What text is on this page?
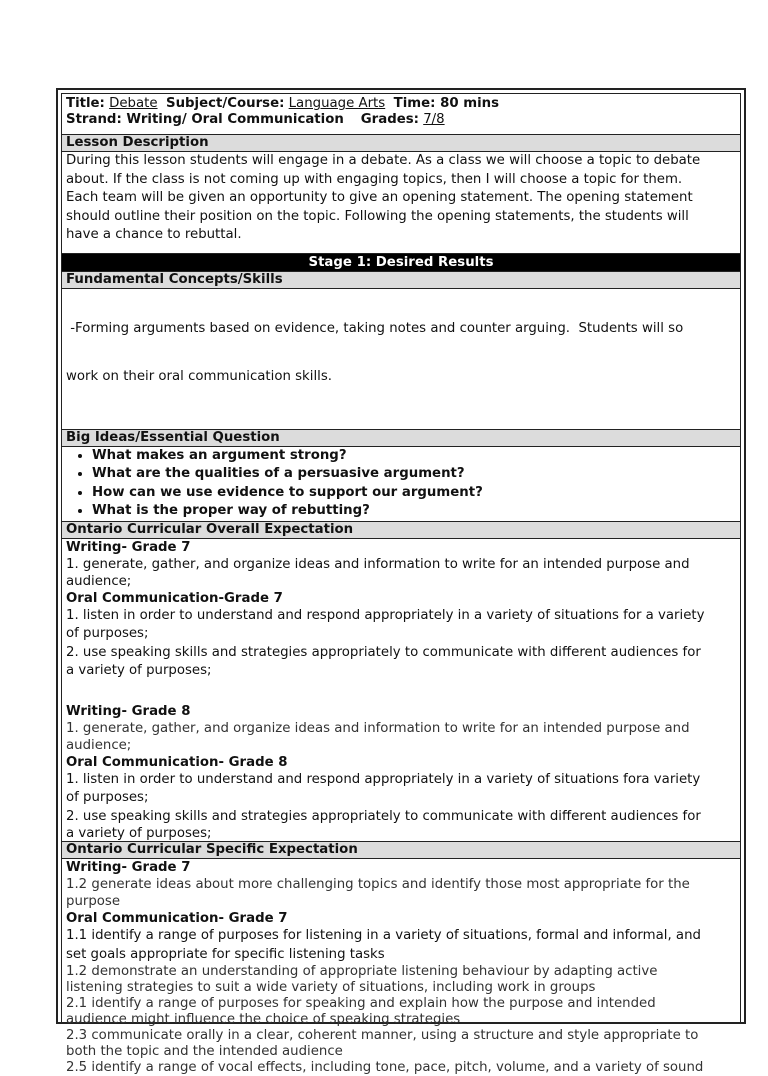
Title: Debate Subject/Course: Language Arts Time: 80 mins
Strand: Writing/ Oral Communication Grades: 7/8
Lesson Description
During this lesson students will engage in a debate. As a class we will choose a topic to debate
about. If the class is not coming up with engaging topics, then I will choose a topic for them.
Each team will be given an opportunity to give an opening statement. The opening statement
should outline their position on the topic. Following the opening statements, the students will
have a chance to rebuttal.
Stage 1: Desired Results
Fundamental Concepts/Skills

-Forming arguments based on evidence, taking notes and counter arguing.  Students will so

work on their oral communication skills.

Big Ideas/Essential Question
• What makes an argument strong?
• What are the qualities of a persuasive argument?
• How can we use evidence to support our argument?
• What is the proper way of rebutting?
Ontario Curricular Overall Expectation
Writing- Grade 7
1. generate, gather, and organize ideas and information to write for an intended purpose and
audience;
Oral Communication-Grade 7
1. listen in order to understand and respond appropriately in a variety of situations for a variety
of purposes;
2. use speaking skills and strategies appropriately to communicate with different audiences for
a variety of purposes;
Writing- Grade 8
1. generate, gather, and organize ideas and information to write for an intended purpose and
audience;
Oral Communication- Grade 8
1. listen in order to understand and respond appropriately in a variety of situations fora variety
of purposes;
2. use speaking skills and strategies appropriately to communicate with different audiences for
a variety of purposes;
Ontario Curricular Specific Expectation
Writing- Grade 7
1.2 generate ideas about more challenging topics and identify those most appropriate for the
purpose
Oral Communication- Grade 7
1.1 identify a range of purposes for listening in a variety of situations, formal and informal, and
set goals appropriate for specific listening tasks
1.2 demonstrate an understanding of appropriate listening behaviour by adapting active
listening strategies to suit a wide variety of situations, including work in groups
2.1 identify a range of purposes for speaking and explain how the purpose and intended
audience might influence the choice of speaking strategies
2.3 communicate orally in a clear, coherent manner, using a structure and style appropriate to
both the topic and the intended audience
2.5 identify a range of vocal effects, including tone, pace, pitch, volume, and a variety of sound
